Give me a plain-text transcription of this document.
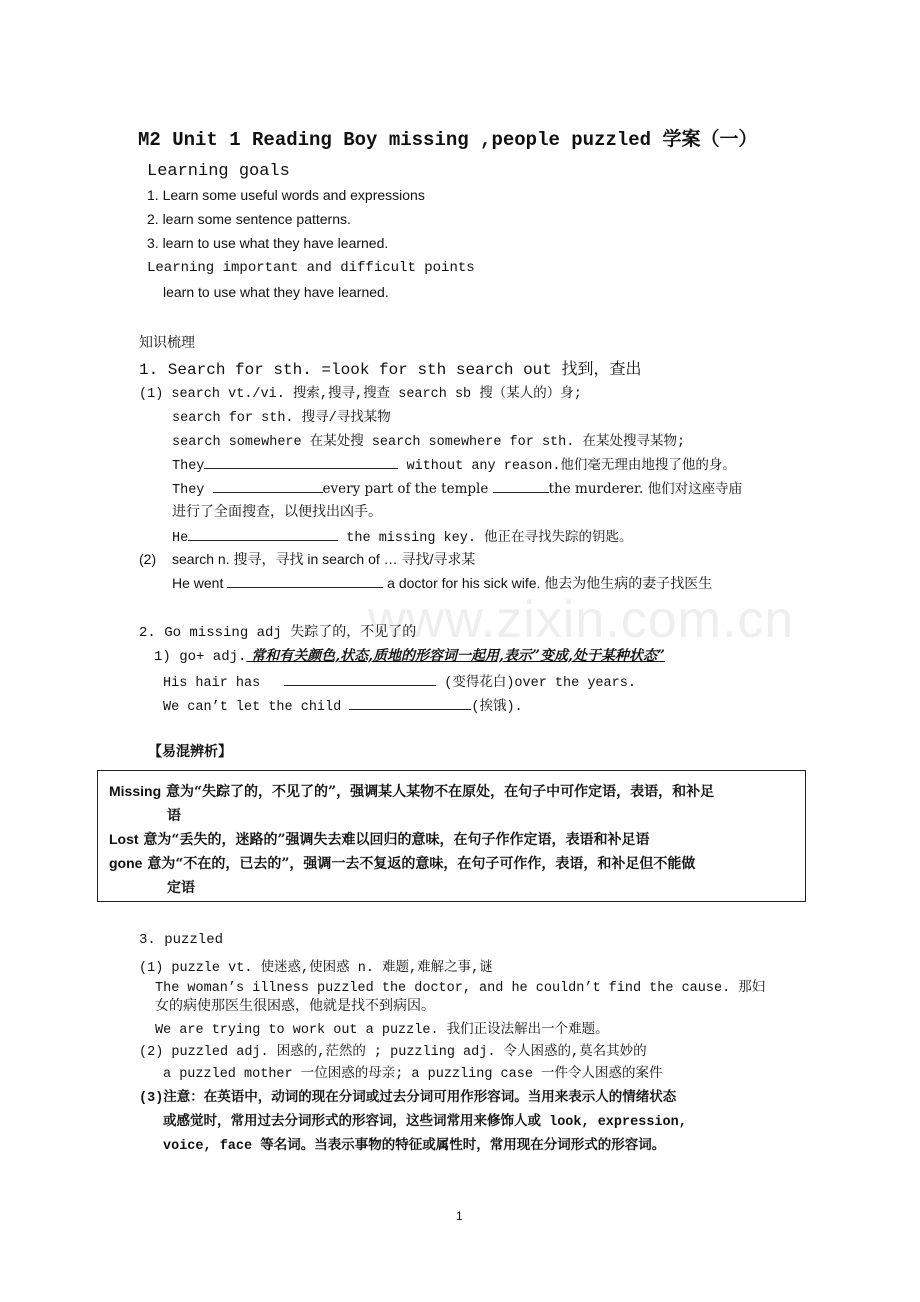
www.zixin.com.cn
M2 Unit 1 Reading Boy missing ,people puzzled 学案（一）
Learning goals
1. Learn some useful words and expressions
2. learn some sentence patterns.
3. learn to use what they have learned.
Learning important and difficult points
learn to use what they have learned.
知识梳理
1. Search for sth. =look for sth search out 找到，查出
(1) search vt./vi. 搜索,搜寻,搜查 search sb 搜（某人的）身;
search for sth. 搜寻/寻找某物
search somewhere 在某处搜 search somewhere for sth. 在某处搜寻某物;
They	without any reason.他们毫无理由地搜了他的身。
They	every part of the temple	the murderer. 他们对这座寺庙
进行了全面搜查，以便找出凶手。
He	the missing key. 他正在寻找失踪的钥匙。
(2) search n. 搜寻，寻找 in search of … 寻找/寻求某
He went	a doctor for his sick wife. 他去为他生病的妻子找医生
2. Go missing adj 失踪了的，不见了的
1) go+ adj. 常和有关颜色,状态,质地的形容词一起用,表示”变成,处于某种状态”
His hair has	(变得花白)over the years.
We can’t let the child	(挨饿).
【易混辨析】
Missing 意为“失踪了的，不见了的”，强调某人某物不在原处，在句子中可作定语，表语，和补足
语
Lost 意为“丢失的，迷路的”强调失去难以回归的意味，在句子作作定语，表语和补足语
gone 意为“不在的，已去的”，强调一去不复返的意味，在句子可作作，表语，和补足但不能做
定语
3. puzzled
(1) puzzle vt. 使迷惑,使困惑 n. 难题,难解之事,谜
The woman’s illness puzzled the doctor, and he couldn’t find the cause. 那妇
女的病使那医生很困惑，他就是找不到病因。
We are trying to work out a puzzle. 我们正设法解出一个难题。
(2) puzzled adj. 困惑的,茫然的 ; puzzling adj. 令人困惑的,莫名其妙的
a puzzled mother 一位困惑的母亲; a puzzling case 一件令人困惑的案件
(3)注意：在英语中，动词的现在分词或过去分词可用作形容词。当用来表示人的情绪状态
或感觉时，常用过去分词形式的形容词，这些词常用来修饰人或 look, expression,
voice, face 等名词。当表示事物的特征或属性时，常用现在分词形式的形容词。
1
